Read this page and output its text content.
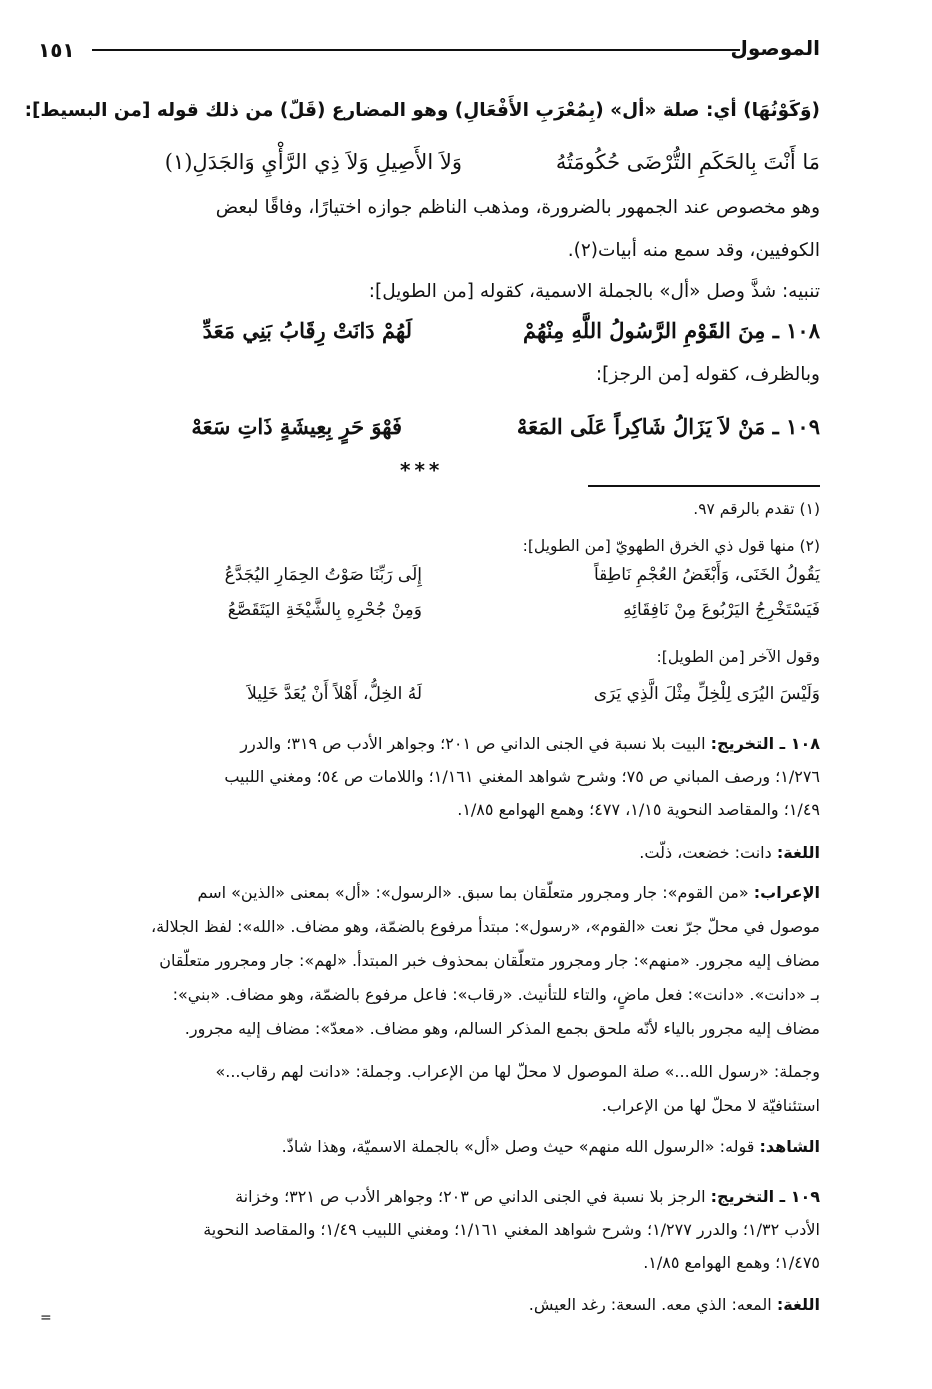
الموصول
١٥١
(وَكَوْنُهَا) أي: صلة «أل» (بِمُعْرَبِ الأَفْعَالِ) وهو المضارع (قَلّ) من ذلك قوله [من البسيط]:
مَا أَنْتَ بِالحَكَمِ التُّرْضَى حُكُومَتُهُ
وَلاَ الأَصِيلِ وَلاَ ذِي الرَّأْيِ وَالجَدَلِ(١)
وهو مخصوص عند الجمهور بالضرورة، ومذهب الناظم جوازه اختيارًا، وفاقًا لبعض
الكوفيين، وقد سمع منه أبيات(٢).
تنبيه: شذَّ وصل «أل» بالجملة الاسمية، كقوله [من الطويل]:
١٠٨ ـ مِنَ القَوْمِ الرَّسُولُ اللَّهِ مِنْهُمْ
لَهُمْ دَانَتْ رِقَابُ بَنِي مَعَدِّ
وبالظرف، كقوله [من الرجز]:
١٠٩ ـ مَنْ لاَ يَزَالُ شَاكِراً عَلَى المَعَهْ
فَهْوَ حَرٍ بِعِيشَةٍ ذَاتِ سَعَهْ
***
(١) تقدم بالرقم ٩٧.
(٢) منها قول ذي الخرق الطهويّ [من الطويل]:
يَقُولُ الخَنَى، وَأَبْغَضُ العُجْمِ نَاطِقاً
إِلَى رَبِّنَا صَوْتُ الحِمَارِ اليُجَدَّعُ
فَيَسْتَخْرِجُ اليَرْبُوعَ مِنْ نَافِقَائِهِ
وَمِنْ جُحْرِهِ بِالشَّيْخَةِ اليَتَقَصَّعُ
وقول الآخر [من الطويل]:
وَلَيْسَ اليُرَى لِلْخِلِّ مِثْلَ الَّذِي يَرَى
لَهُ الخِلُّ، أَهْلاً أَنْ يُعَدَّ خَلِيلاَ
١٠٨ ـ التخريج: البيت بلا نسبة في الجنى الداني ص ٢٠١؛ وجواهر الأدب ص ٣١٩؛ والدرر
١/٢٧٦؛ ورصف المباني ص ٧٥؛ وشرح شواهد المغني ١/١٦١؛ واللامات ص ٥٤؛ ومغني اللبيب
١/٤٩؛ والمقاصد النحوية ١/١٥، ٤٧٧؛ وهمع الهوامع ١/٨٥.
اللغة: دانت: خضعت، ذلّت.
الإعراب: «من القوم»: جار ومجرور متعلّقان بما سبق. «الرسول»: «أل» بمعنى «الذين» اسم
موصول في محلّ جرّ نعت «القوم»، «رسول»: مبتدأ مرفوع بالضمّة، وهو مضاف. «الله»: لفظ الجلالة،
مضاف إليه مجرور. «منهم»: جار ومجرور متعلّقان بمحذوف خبر المبتدأ. «لهم»: جار ومجرور متعلّقان
بـ «دانت». «دانت»: فعل ماضٍ، والتاء للتأنيث. «رقاب»: فاعل مرفوع بالضمّة، وهو مضاف. «بني»:
مضاف إليه مجرور بالياء لأنّه ملحق بجمع المذكر السالم، وهو مضاف. «معدّ»: مضاف إليه مجرور.
وجملة: «رسول الله...» صلة الموصول لا محلّ لها من الإعراب. وجملة: «دانت لهم رقاب...»
استئنافيّة لا محلّ لها من الإعراب.
الشاهد: قوله: «الرسول الله منهم» حيث وصل «أل» بالجملة الاسميّة، وهذا شاذّ.
١٠٩ ـ التخريج: الرجز بلا نسبة في الجنى الداني ص ٢٠٣؛ وجواهر الأدب ص ٣٢١؛ وخزانة
الأدب ١/٣٢؛ والدرر ١/٢٧٧؛ وشرح شواهد المغني ١/١٦١؛ ومغني اللبيب ١/٤٩؛ والمقاصد النحوية
١/٤٧٥؛ وهمع الهوامع ١/٨٥.
اللغة: المعه: الذي معه. السعة: رغد العيش.
=
